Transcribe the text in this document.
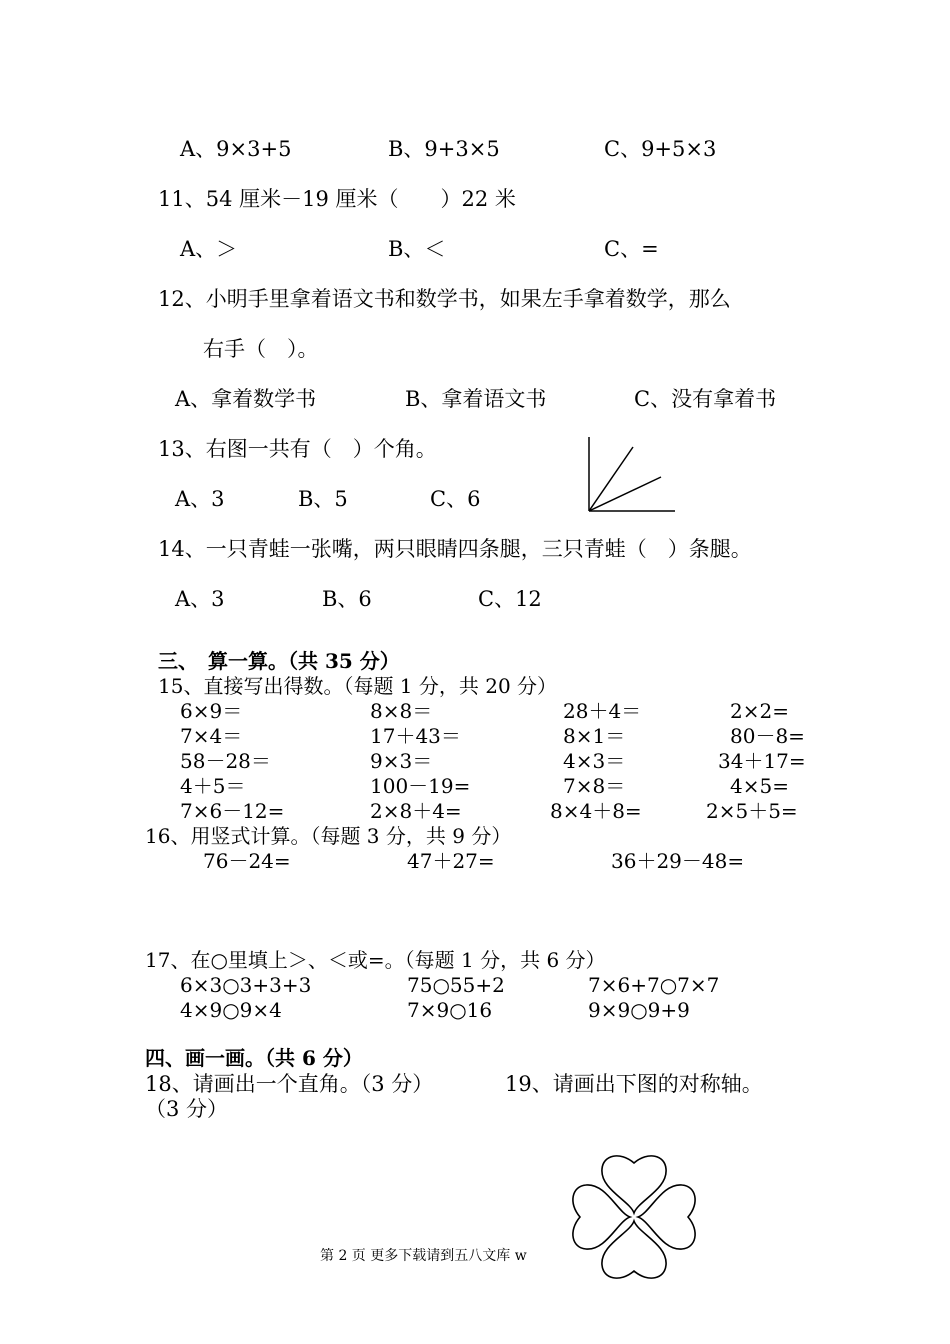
A、9×3+5	B、9+3×5	C、9+5×3
11、54 厘米－19 厘米（　　）22 米
A、＞	B、＜	C、=
12、小明手里拿着语文书和数学书，如果左手拿着数学，那么
右手（　）。
A、拿着数学书	B、拿着语文书	C、没有拿着书
13、右图一共有（　）个角。
A、3	B、5	C、6
14、一只青蛙一张嘴，两只眼睛四条腿，三只青蛙（　）条腿。
A、3	B、6	C、12
三、　算一算。（共 35 分）
15、直接写出得数。（每题 1 分，共 20 分）
6×9＝	8×8＝	28＋4＝	2×2=
7×4＝	17＋43＝	8×1＝	80－8=
58－28＝	9×3＝	4×3＝	34＋17=
4＋5＝	100－19=	7×8＝	4×5=
7×6－12=	2×8＋4=	8×4＋8=	2×5＋5=
16、用竖式计算。（每题 3 分，共 9 分）
76－24=	47＋27=	36＋29－48=
17、在○里填上＞、＜或=。（每题 1 分，共 6 分）
6×3○3+3+3	75○55+2	7×6+7○7×7
4×9○9×4	7×9○16	9×9○9+9
四、画一画。（共 6 分）
18、请画出一个直角。（3 分）
（3 分）
19、请画出下图的对称轴。
第 2 页 更多下载请到五八文库 w
